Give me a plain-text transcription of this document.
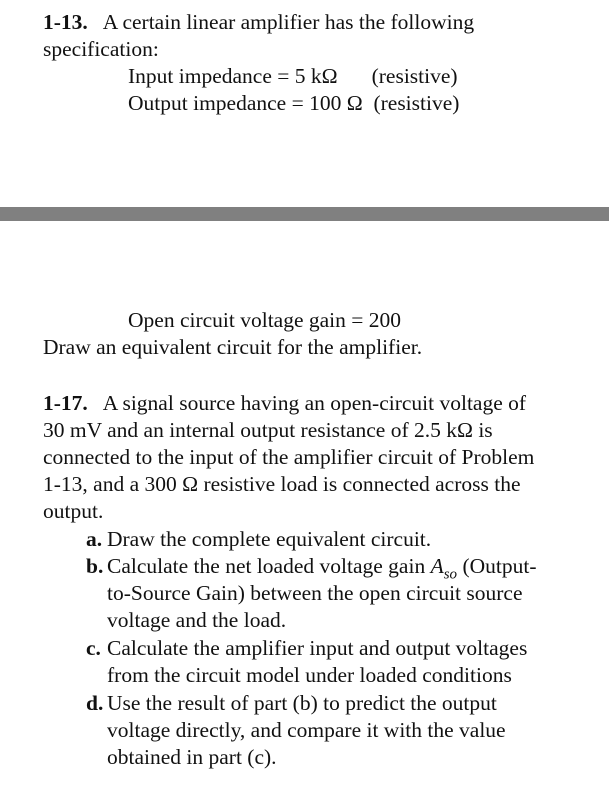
1-13. A certain linear amplifier has the following
specification:
Input impedance = 5 kΩ (resistive)
Output impedance = 100 Ω (resistive)
Open circuit voltage gain = 200
Draw an equivalent circuit for the amplifier.
1-17. A signal source having an open-circuit voltage of
30 mV and an internal output resistance of 2.5 kΩ is
connected to the input of the amplifier circuit of Problem
1-13, and a 300 Ω resistive load is connected across the
output.
a. Draw the complete equivalent circuit.
b. Calculate the net loaded voltage gain $A_{so}$ (Output-
to-Source Gain) between the open circuit source
voltage and the load.
c. Calculate the amplifier input and output voltages
from the circuit model under loaded conditions
d. Use the result of part (b) to predict the output
voltage directly, and compare it with the value
obtained in part (c).
